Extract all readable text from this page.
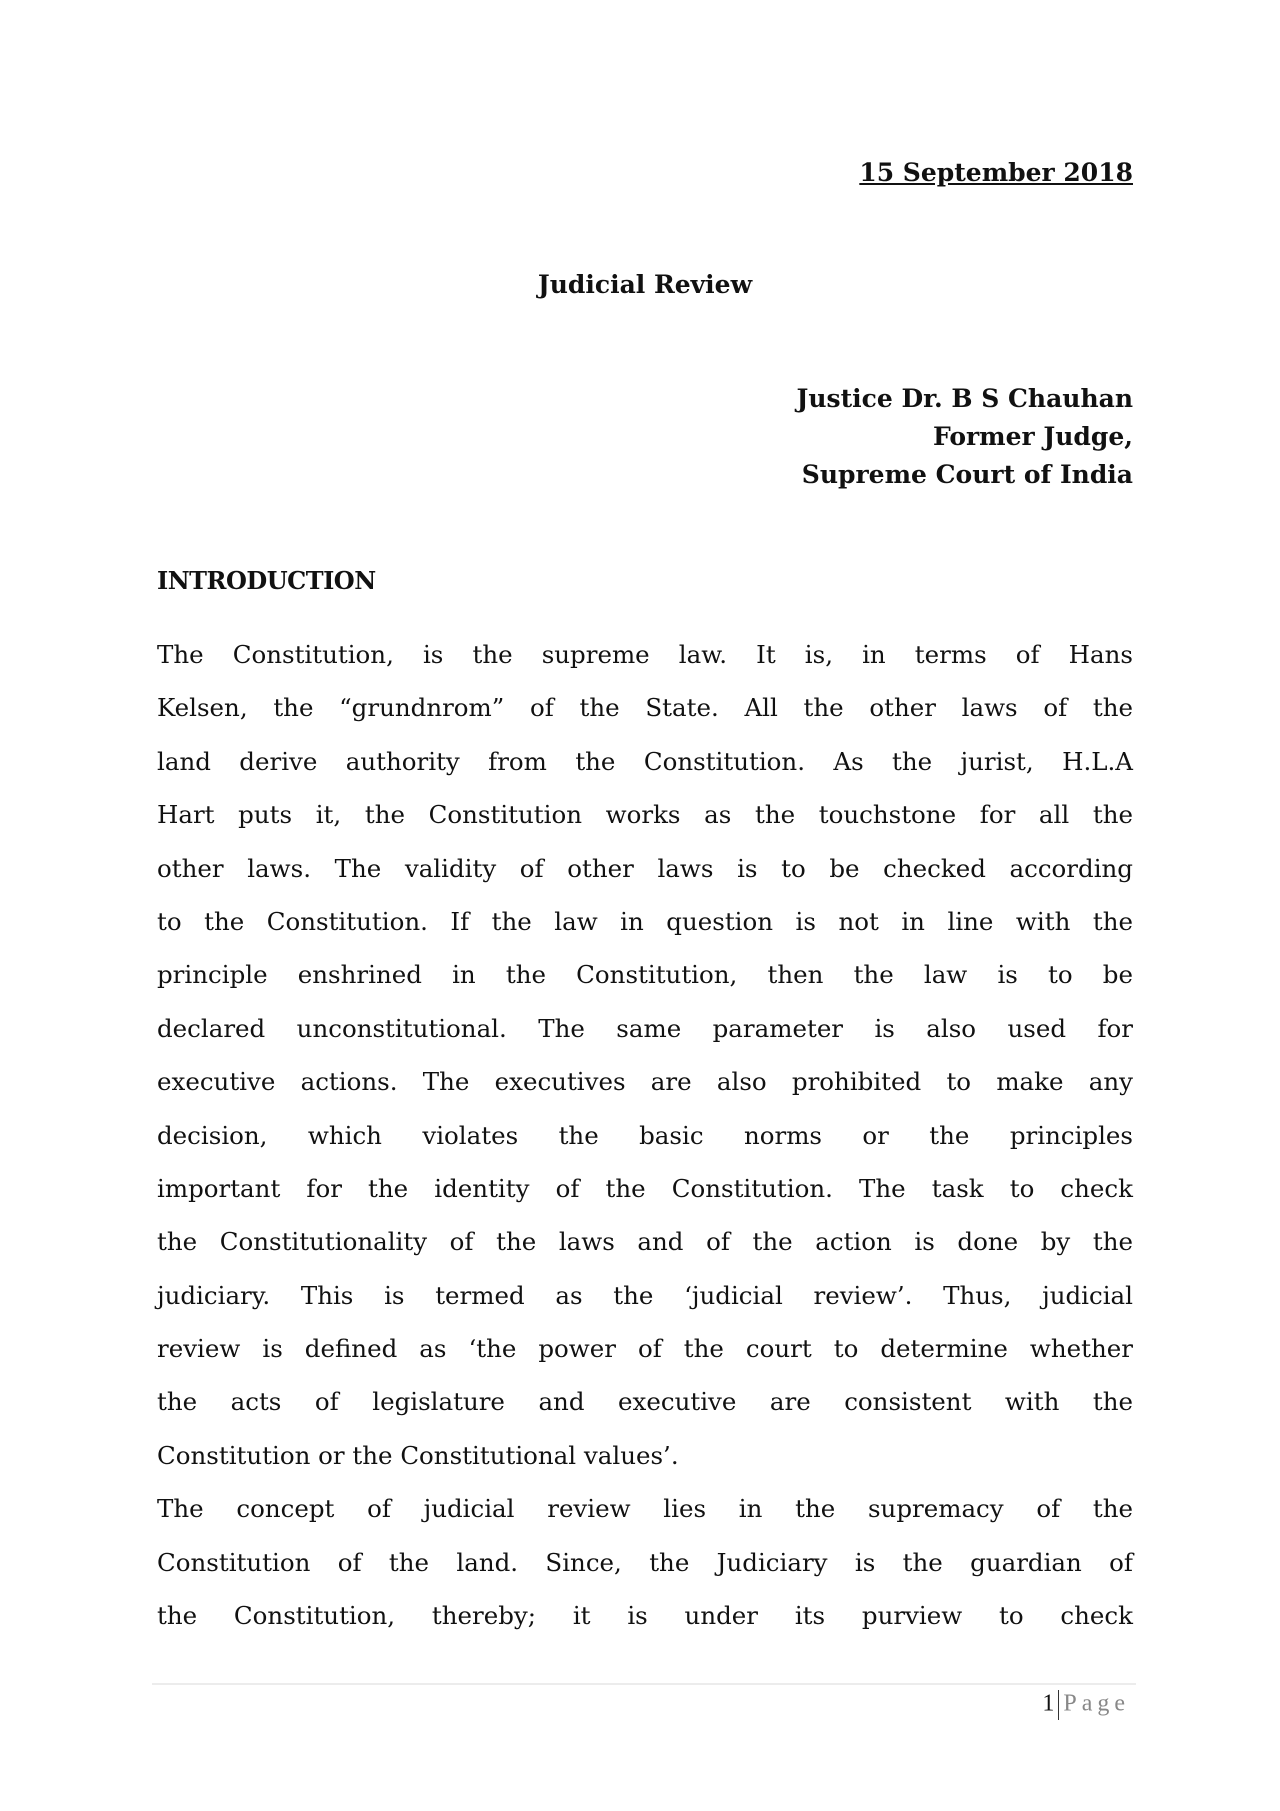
15 September 2018
Judicial Review
Justice Dr. B S Chauhan
Former Judge,
Supreme Court of India
INTRODUCTION
The Constitution, is the supreme law. It is, in terms of Hans
Kelsen, the “grundnrom” of the State. All the other laws of the
land derive authority from the Constitution. As the jurist, H.L.A
Hart puts it, the Constitution works as the touchstone for all the
other laws. The validity of other laws is to be checked according
to the Constitution. If the law in question is not in line with the
principle enshrined in the Constitution, then the law is to be
declared unconstitutional. The same parameter is also used for
executive actions. The executives are also prohibited to make any
decision, which violates the basic norms or the principles
important for the identity of the Constitution. The task to check
the Constitutionality of the laws and of the action is done by the
judiciary. This is termed as the ‘judicial review’. Thus, judicial
review is defined as ‘the power of the court to determine whether
the acts of legislature and executive are consistent with the
Constitution or the Constitutional values’.
The concept of judicial review lies in the supremacy of the
Constitution of the land. Since, the Judiciary is the guardian of
the Constitution, thereby; it is under its purview to check
1 Page
